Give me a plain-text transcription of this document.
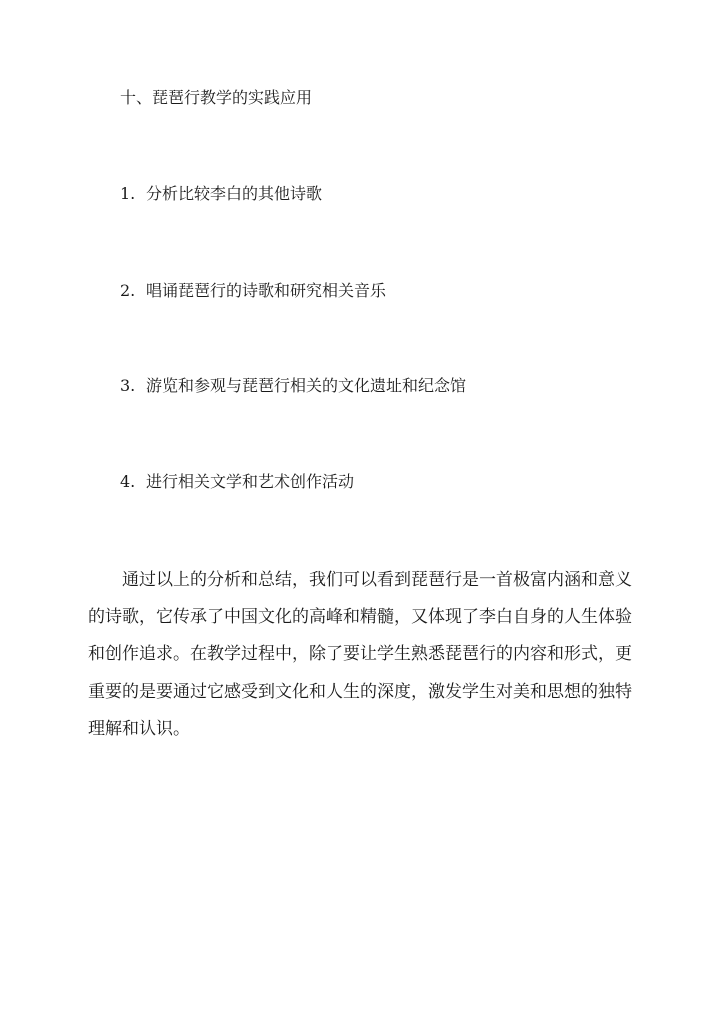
十、琵琶行教学的实践应用
1. 分析比较李白的其他诗歌
2. 唱诵琵琶行的诗歌和研究相关音乐
3. 游览和参观与琵琶行相关的文化遗址和纪念馆
4. 进行相关文学和艺术创作活动
通过以上的分析和总结，我们可以看到琵琶行是一首极富内涵和意义
的诗歌，它传承了中国文化的高峰和精髓，又体现了李白自身的人生体验
和创作追求。在教学过程中，除了要让学生熟悉琵琶行的内容和形式，更
重要的是要通过它感受到文化和人生的深度，激发学生对美和思想的独特
理解和认识。
